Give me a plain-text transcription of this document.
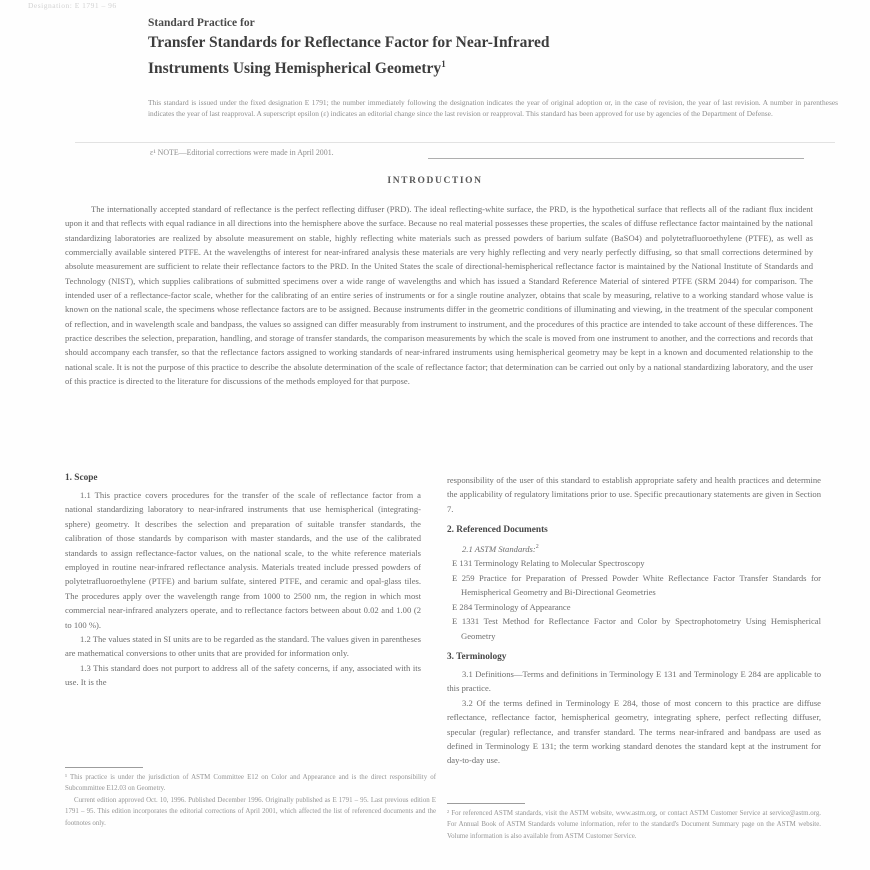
Designation: E 1791 – 96
Standard Practice for
Transfer Standards for Reflectance Factor for Near-Infrared
Instruments Using Hemispherical Geometry$^1$

This standard is issued under the fixed designation E 1791; the number immediately following the designation indicates the year of original adoption or, in the case of revision, the year of last revision. A number in parentheses indicates the year of last reapproval. A superscript epsilon (ε) indicates an editorial change since the last revision or reapproval. This standard has been approved for use by agencies of the Department of Defense.

ε¹ NOTE—Editorial corrections were made in April 2001.
INTRODUCTION

The internationally accepted standard of reflectance is the perfect reflecting diffuser (PRD). The ideal reflecting-white surface, the PRD, is the hypothetical surface that reflects all of the radiant flux incident upon it and that reflects with equal radiance in all directions into the hemisphere above the surface. Because no real material possesses these properties, the scales of diffuse reflectance factor maintained by the national standardizing laboratories are realized by absolute measurement on stable, highly reflecting white materials such as pressed powders of barium sulfate (BaSO4) and polytetrafluoroethylene (PTFE), as well as commercially available sintered PTFE. At the wavelengths of interest for near-infrared analysis these materials are very highly reflecting and very nearly perfectly diffusing, so that small corrections determined by absolute measurement are sufficient to relate their reflectance factors to the PRD. In the United States the scale of directional-hemispherical reflectance factor is maintained by the National Institute of Standards and Technology (NIST), which supplies calibrations of submitted specimens over a wide range of wavelengths and which has issued a Standard Reference Material of sintered PTFE (SRM 2044) for comparison. The intended user of a reflectance-factor scale, whether for the calibrating of an entire series of instruments or for a single routine analyzer, obtains that scale by measuring, relative to a working standard whose value is known on the national scale, the specimens whose reflectance factors are to be assigned. Because instruments differ in the geometric conditions of illuminating and viewing, in the treatment of the specular component of reflection, and in wavelength scale and bandpass, the values so assigned can differ measurably from instrument to instrument, and the procedures of this practice are intended to take account of these differences. The practice describes the selection, preparation, handling, and storage of transfer standards, the comparison measurements by which the scale is moved from one instrument to another, and the corrections and records that should accompany each transfer, so that the reflectance factors assigned to working standards of near-infrared instruments using hemispherical geometry may be kept in a known and documented relationship to the national scale. It is not the purpose of this practice to describe the absolute determination of the scale of reflectance factor; that determination can be carried out only by a national standardizing laboratory, and the user of this practice is directed to the literature for discussions of the methods employed for that purpose.

1. Scope

1.1 This practice covers procedures for the transfer of the scale of reflectance factor from a national standardizing laboratory to near-infrared instruments that use hemispherical (integrating-sphere) geometry. It describes the selection and preparation of suitable transfer standards, the calibration of those standards by comparison with master standards, and the use of the calibrated standards to assign reflectance-factor values, on the national scale, to the white reference materials employed in routine near-infrared reflectance analysis. Materials treated include pressed powders of polytetrafluoroethylene (PTFE) and barium sulfate, sintered PTFE, and ceramic and opal-glass tiles. The procedures apply over the wavelength range from 1000 to 2500 nm, the region in which most commercial near-infrared analyzers operate, and to reflectance factors between about 0.02 and 1.00 (2 to 100 %).

1.2 The values stated in SI units are to be regarded as the standard. The values given in parentheses are mathematical conversions to other units that are provided for information only.

1.3 This standard does not purport to address all of the safety concerns, if any, associated with its use. It is the

responsibility of the user of this standard to establish appropriate safety and health practices and determine the applicability of regulatory limitations prior to use. Specific precautionary statements are given in Section 7.

2. Referenced Documents

2.1 ASTM Standards:$^2$

E 131 Terminology Relating to Molecular Spectroscopy

E 259 Practice for Preparation of Pressed Powder White Reflectance Factor Transfer Standards for Hemispherical Geometry and Bi-Directional Geometries

E 284 Terminology of Appearance

E 1331 Test Method for Reflectance Factor and Color by Spectrophotometry Using Hemispherical Geometry

3. Terminology

3.1 Definitions—Terms and definitions in Terminology E 131 and Terminology E 284 are applicable to this practice.

3.2 Of the terms defined in Terminology E 284, those of most concern to this practice are diffuse reflectance, reflectance factor, hemispherical geometry, integrating sphere, perfect reflecting diffuser, specular (regular) reflectance, and transfer standard. The terms near-infrared and bandpass are used as defined in Terminology E 131; the term working standard denotes the standard kept at the instrument for day-to-day use.

¹ This practice is under the jurisdiction of ASTM Committee E12 on Color and Appearance and is the direct responsibility of Subcommittee E12.03 on Geometry.

Current edition approved Oct. 10, 1996. Published December 1996. Originally published as E 1791 – 95. Last previous edition E 1791 – 95. This edition incorporates the editorial corrections of April 2001, which affected the list of referenced documents and the footnotes only.

² For referenced ASTM standards, visit the ASTM website, www.astm.org, or contact ASTM Customer Service at service@astm.org. For Annual Book of ASTM Standards volume information, refer to the standard's Document Summary page on the ASTM website. Volume information is also available from ASTM Customer Service.
